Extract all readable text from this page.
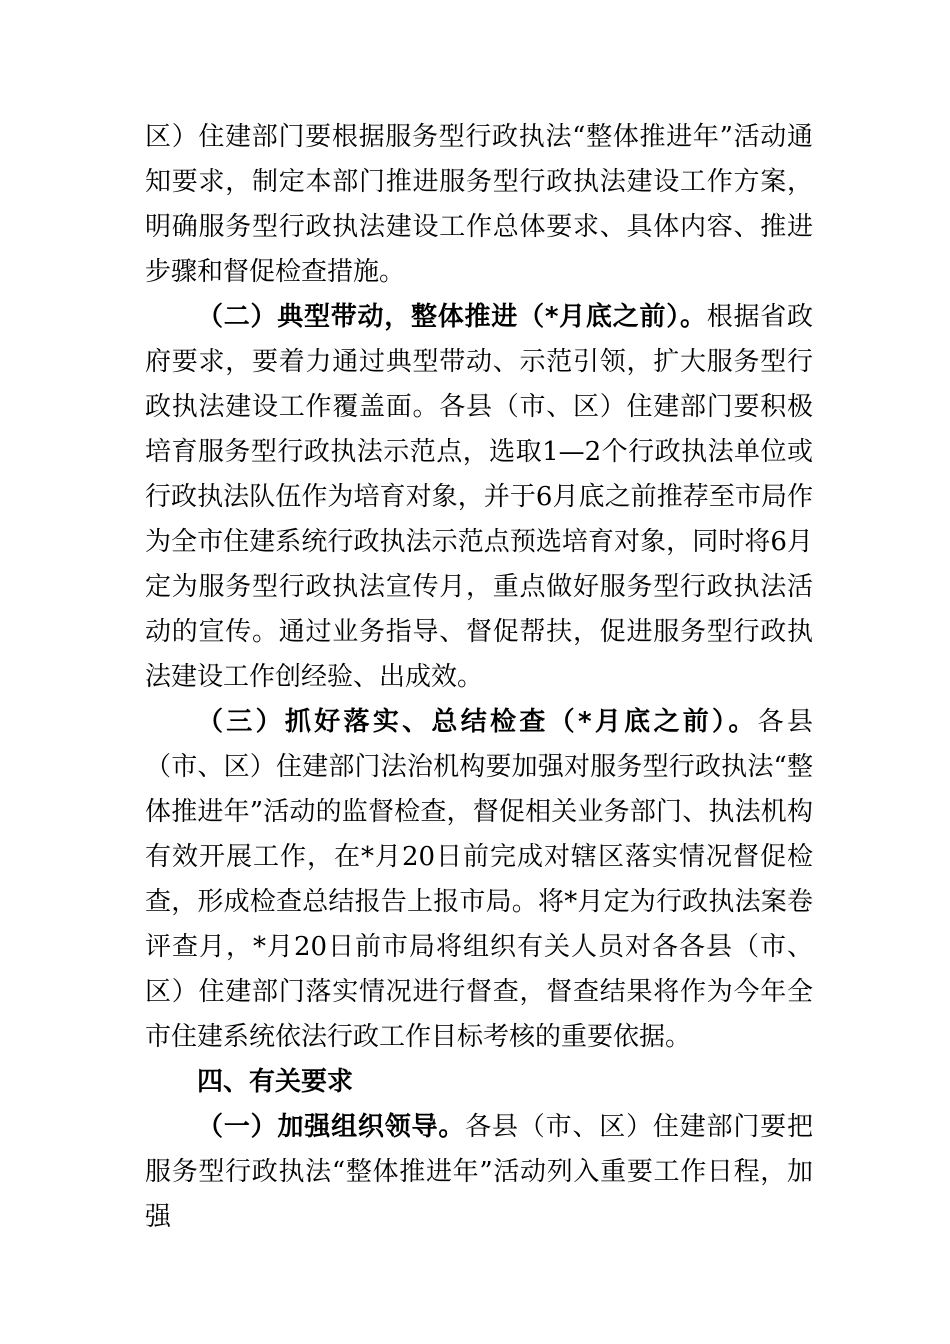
区）住建部门要根据服务型行政执法“整体推进年”活动通知要求，制定本部门推进服务型行政执法建设工作方案，明确服务型行政执法建设工作总体要求、具体内容、推进步骤和督促检查措施。

（二）典型带动，整体推进（*月底之前）。根据省政府要求，要着力通过典型带动、示范引领，扩大服务型行政执法建设工作覆盖面。各县（市、区）住建部门要积极培育服务型行政执法示范点，选取1—2个行政执法单位或行政执法队伍作为培育对象，并于6月底之前推荐至市局作为全市住建系统行政执法示范点预选培育对象，同时将6月定为服务型行政执法宣传月，重点做好服务型行政执法活动的宣传。通过业务指导、督促帮扶，促进服务型行政执法建设工作创经验、出成效。

（三）抓好落实、总结检查（*月底之前）。各县（市、区）住建部门法治机构要加强对服务型行政执法“整体推进年”活动的监督检查，督促相关业务部门、执法机构有效开展工作，在*月20日前完成对辖区落实情况督促检查，形成检查总结报告上报市局。将*月定为行政执法案卷评查月，*月20日前市局将组织有关人员对各各县（市、区）住建部门落实情况进行督查，督查结果将作为今年全市住建系统依法行政工作目标考核的重要依据。

四、有关要求

（一）加强组织领导。各县（市、区）住建部门要把服务型行政执法“整体推进年”活动列入重要工作日程，加强
